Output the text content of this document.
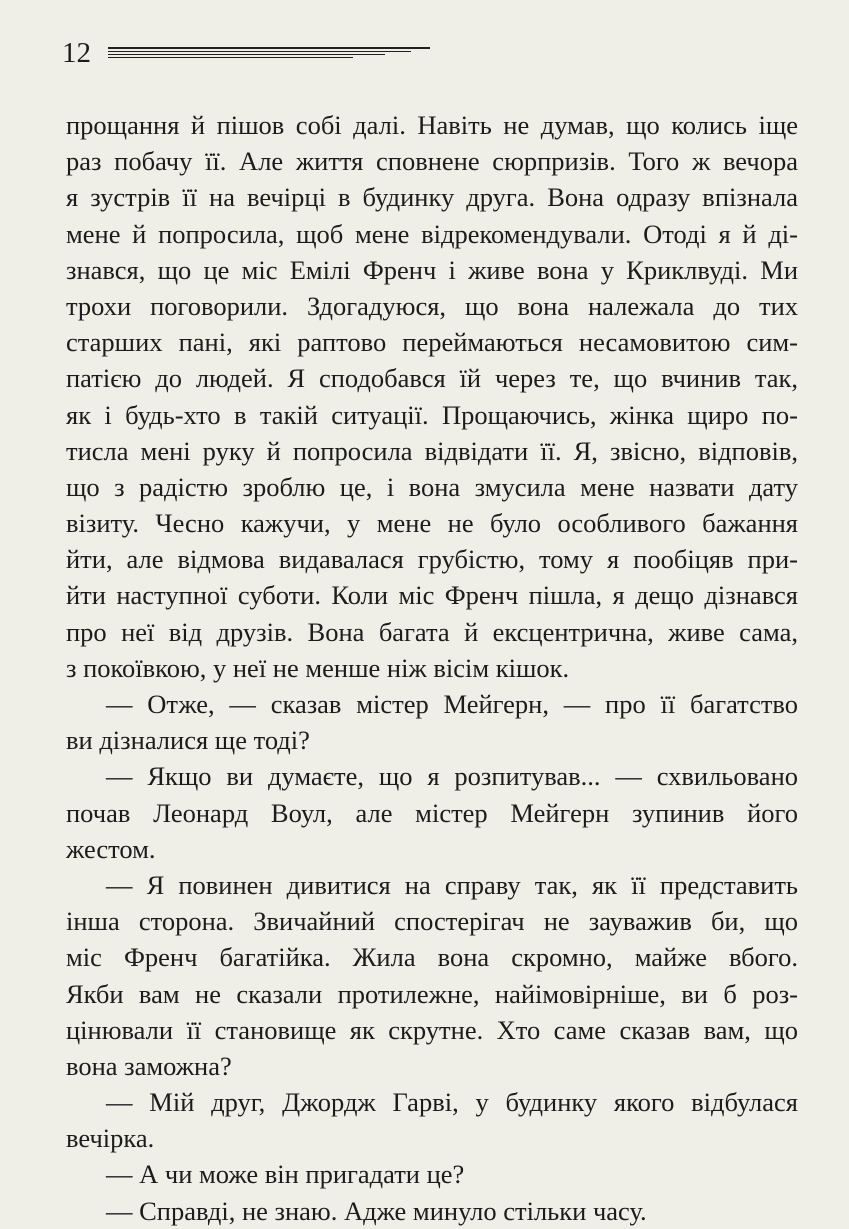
12
прощання й пішов собі далі. Навіть не думав, що колись іще
раз побачу її. Але життя сповнене сюрпризів. Того ж вечора
я зустрів її на вечірці в будинку друга. Вона одразу впізнала
мене й попросила, щоб мене відрекомендували. Отоді я й ді-
знався, що це міс Емілі Френч і живе вона у Криклвуді. Ми
трохи поговорили. Здогадуюся, що вона належала до тих
старших пані, які раптово переймаються несамовитою сим-
патією до людей. Я сподобався їй через те, що вчинив так,
як і будь-хто в такій ситуації. Прощаючись, жінка щиро по-
тисла мені руку й попросила відвідати її. Я, звісно, відповів,
що з радістю зроблю це, і вона змусила мене назвати дату
візиту. Чесно кажучи, у мене не було особливого бажання
йти, але відмова видавалася грубістю, тому я пообіцяв при-
йти наступної суботи. Коли міс Френч пішла, я дещо дізнався
про неї від друзів. Вона багата й ексцентрична, живе сама,
з покоївкою, у неї не менше ніж вісім кішок.
— Отже, — сказав містер Мейгерн, — про її багатство
ви дізналися ще тоді?
— Якщо ви думаєте, що я розпитував... — схвильовано
почав Леонард Воул, але містер Мейгерн зупинив його
жестом.
— Я повинен дивитися на справу так, як її представить
інша сторона. Звичайний спостерігач не зауважив би, що
міс Френч багатійка. Жила вона скромно, майже вбого.
Якби вам не сказали протилежне, найімовірніше, ви б роз-
цінювали її становище як скрутне. Хто саме сказав вам, що
вона заможна?
— Мій друг, Джордж Гарві, у будинку якого відбулася
вечірка.
— А чи може він пригадати це?
— Справді, не знаю. Адже минуло стільки часу.
